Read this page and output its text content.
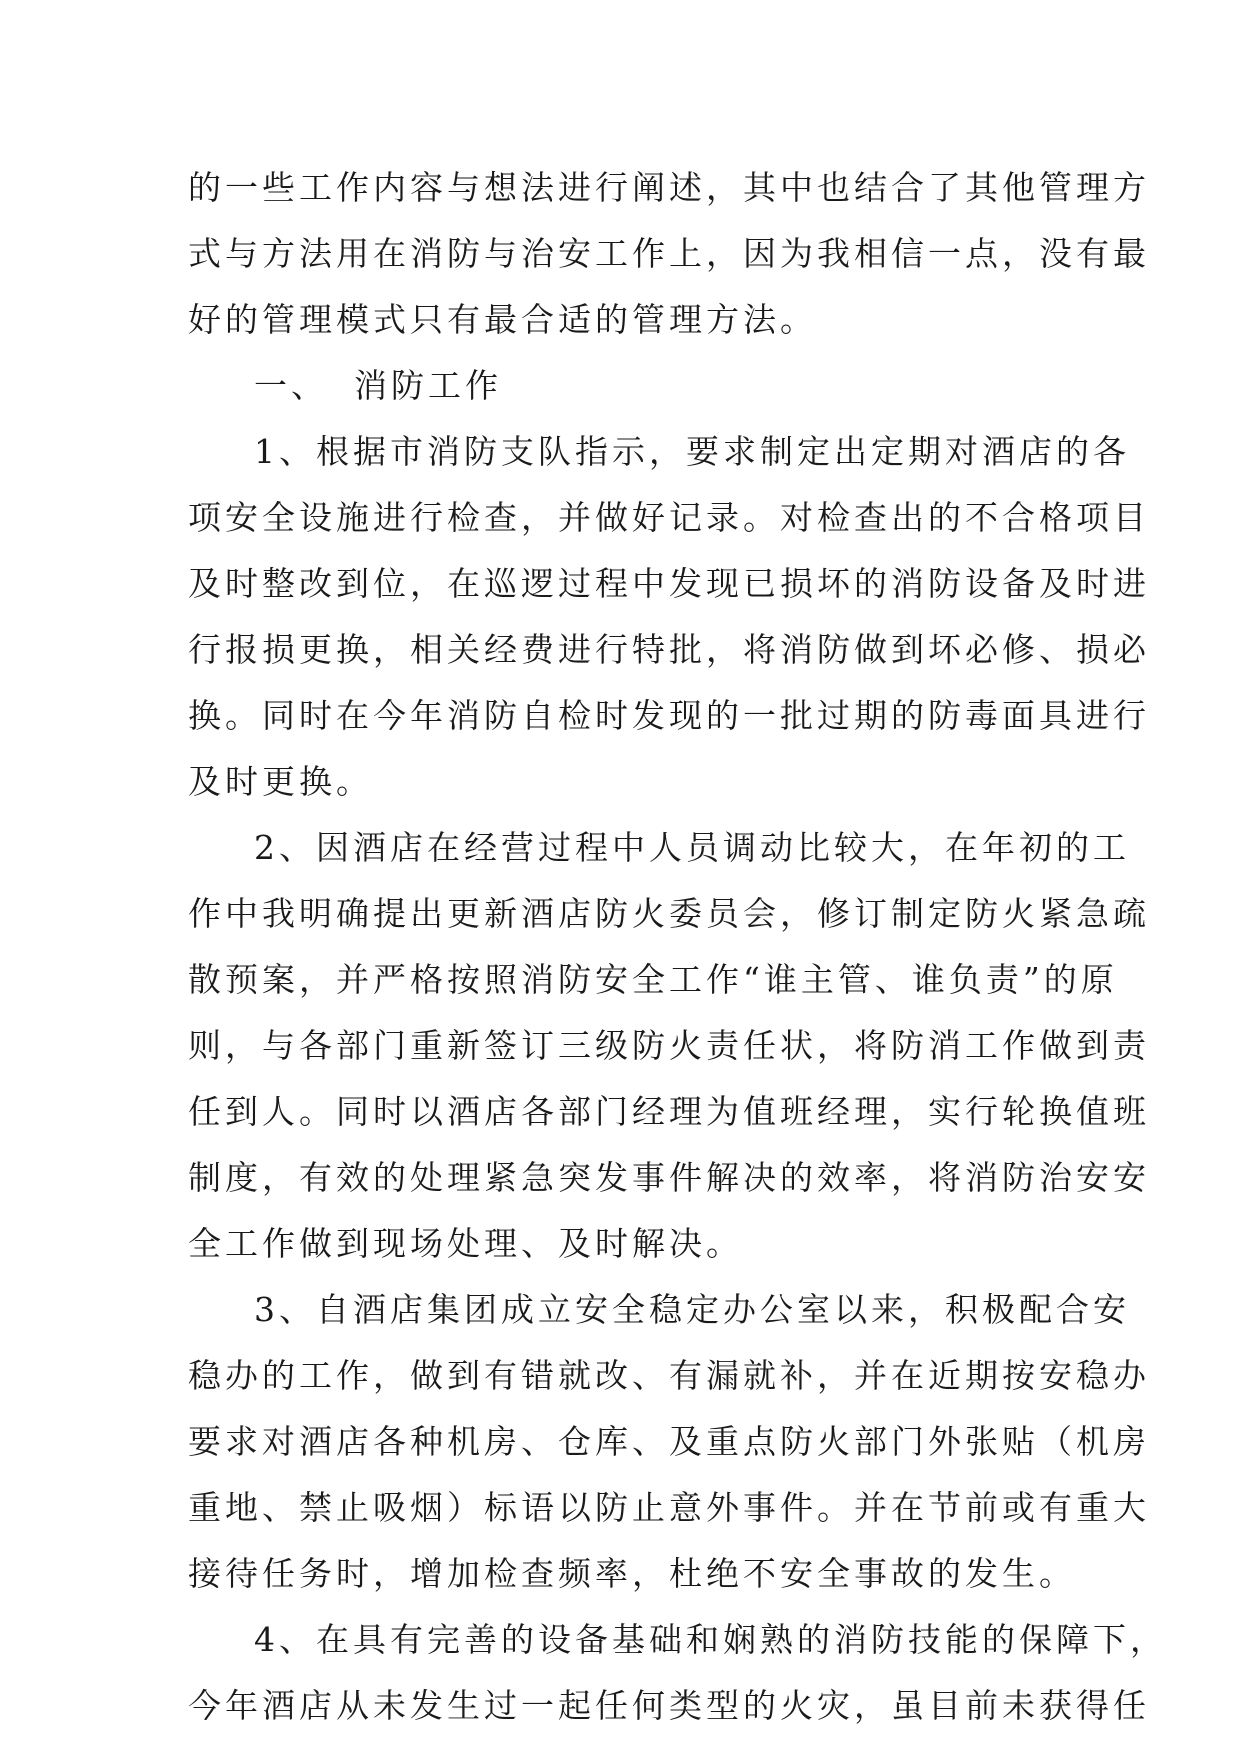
的一些工作内容与想法进行阐述，其中也结合了其他管理方
式与方法用在消防与治安工作上，因为我相信一点，没有最
好的管理模式只有最合适的管理方法。
一、 消防工作
1、根据市消防支队指示，要求制定出定期对酒店的各
项安全设施进行检查，并做好记录。对检查出的不合格项目
及时整改到位，在巡逻过程中发现已损坏的消防设备及时进
行报损更换，相关经费进行特批，将消防做到坏必修、损必
换。同时在今年消防自检时发现的一批过期的防毒面具进行
及时更换。
2、因酒店在经营过程中人员调动比较大，在年初的工
作中我明确提出更新酒店防火委员会，修订制定防火紧急疏
散预案，并严格按照消防安全工作“谁主管、谁负责”的原
则，与各部门重新签订三级防火责任状，将防消工作做到责
任到人。同时以酒店各部门经理为值班经理，实行轮换值班
制度，有效的处理紧急突发事件解决的效率，将消防治安安
全工作做到现场处理、及时解决。
3、自酒店集团成立安全稳定办公室以来，积极配合安
稳办的工作，做到有错就改、有漏就补，并在近期按安稳办
要求对酒店各种机房、仓库、及重点防火部门外张贴（机房
重地、禁止吸烟）标语以防止意外事件。并在节前或有重大
接待任务时，增加检查频率，杜绝不安全事故的发生。
4、在具有完善的设备基础和娴熟的消防技能的保障下，
今年酒店从未发生过一起任何类型的火灾，虽目前未获得任
